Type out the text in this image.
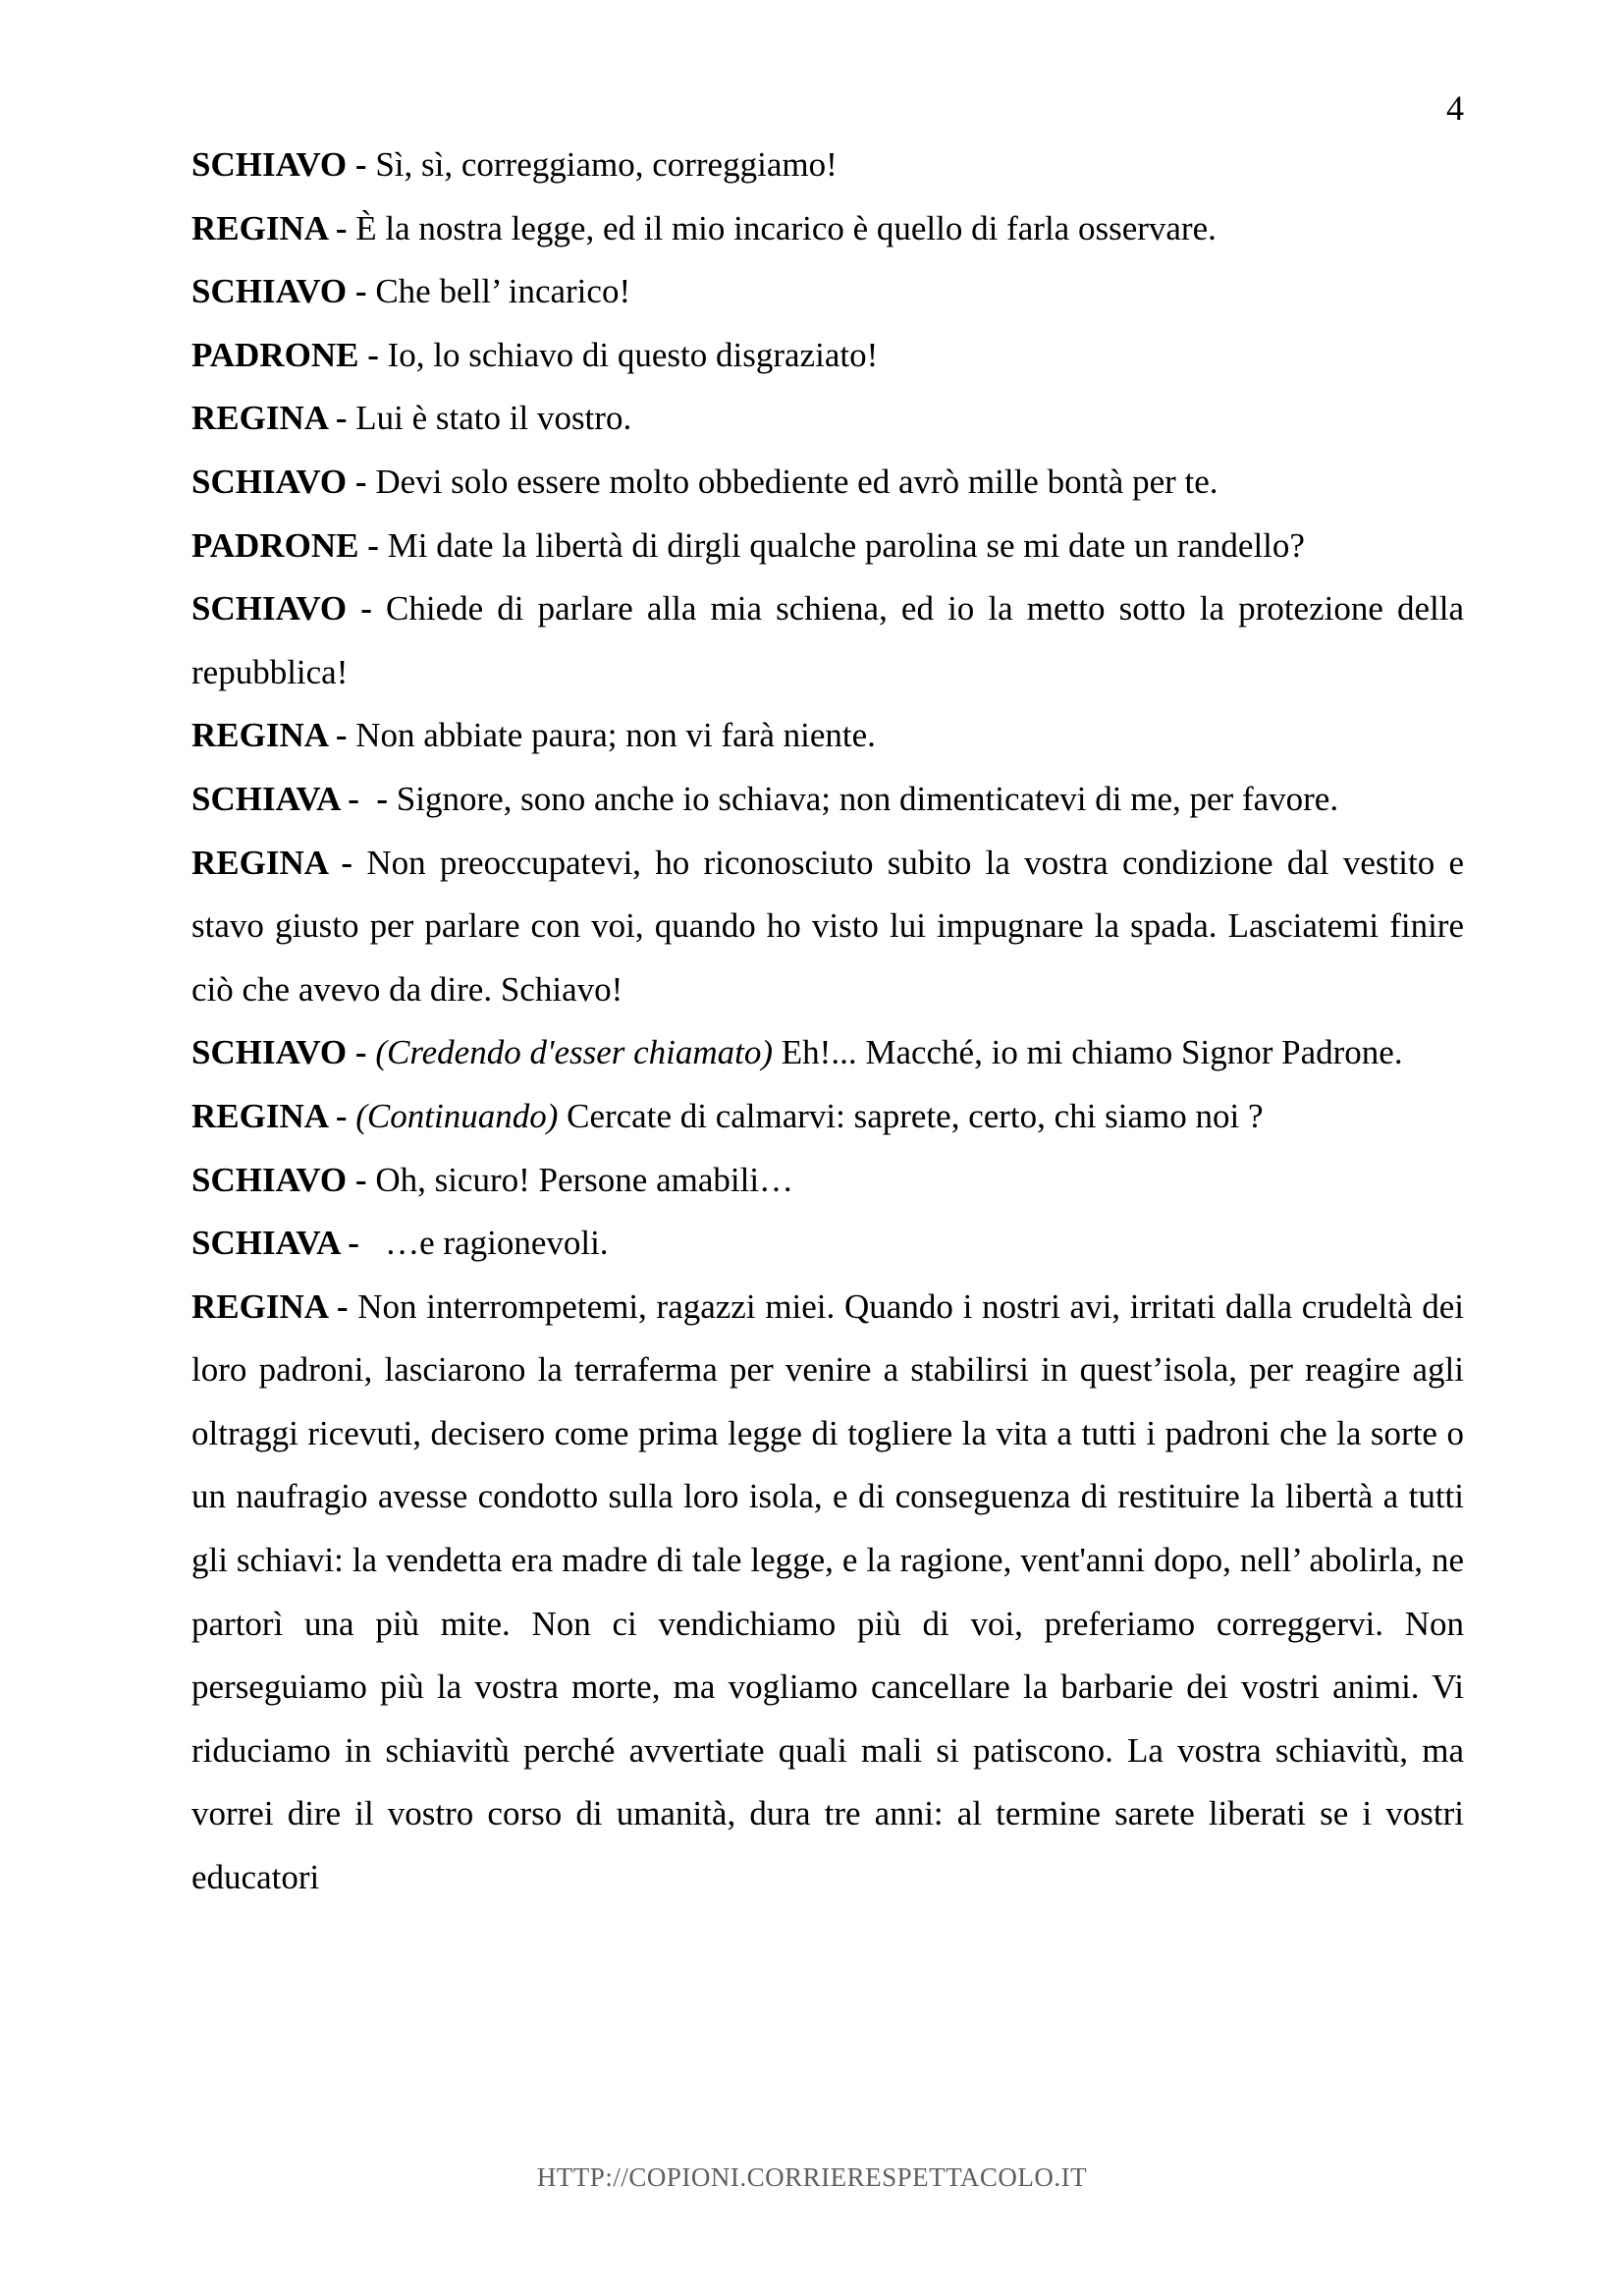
4

SCHIAVO - Sì, sì, correggiamo, correggiamo!

REGINA - È la nostra legge, ed il mio incarico è quello di farla osservare.

SCHIAVO - Che bell’ incarico!

PADRONE - Io, lo schiavo di questo disgraziato!

REGINA - Lui è stato il vostro.

SCHIAVO - Devi solo essere molto obbediente ed avrò mille bontà per te.

PADRONE - Mi date la libertà di dirgli qualche parolina se mi date un randello?

SCHIAVO - Chiede di parlare alla mia schiena, ed io la metto sotto la protezione della repubblica!

REGINA - Non abbiate paura; non vi farà niente.

SCHIAVA -  - Signore, sono anche io schiava; non dimenticatevi di me, per favore.

REGINA - Non preoccupatevi, ho riconosciuto subito la vostra condizione dal vestito e stavo giusto per parlare con voi, quando ho visto lui impugnare la spada. Lasciatemi finire ciò che avevo da dire. Schiavo!

SCHIAVO - (Credendo d'esser chiamato) Eh!... Macché, io mi chiamo Signor Padrone.

REGINA - (Continuando) Cercate di calmarvi: saprete, certo, chi siamo noi ?

SCHIAVO - Oh, sicuro! Persone amabili…

SCHIAVA -   …e ragionevoli.

REGINA - Non interrompetemi, ragazzi miei. Quando i nostri avi, irritati dalla crudeltà dei loro padroni, lasciarono la terraferma per venire a stabilirsi in quest’isola, per reagire agli oltraggi ricevuti, decisero come prima legge di togliere la vita a tutti i padroni che la sorte o un naufragio avesse condotto sulla loro isola, e di conseguenza di restituire la libertà a tutti gli schiavi: la vendetta era madre di tale legge, e la ragione, vent'anni dopo, nell’ abolirla, ne partorì una più mite. Non ci vendichiamo più di voi, preferiamo correggervi. Non perseguiamo più la vostra morte, ma vogliamo cancellare la barbarie dei vostri animi. Vi riduciamo in schiavitù perché avvertiate quali mali si patiscono. La vostra schiavitù, ma vorrei dire il vostro corso di umanità, dura tre anni: al termine sarete liberati se i vostri educatori

HTTP://COPIONI.CORRIERESPETTACOLO.IT
